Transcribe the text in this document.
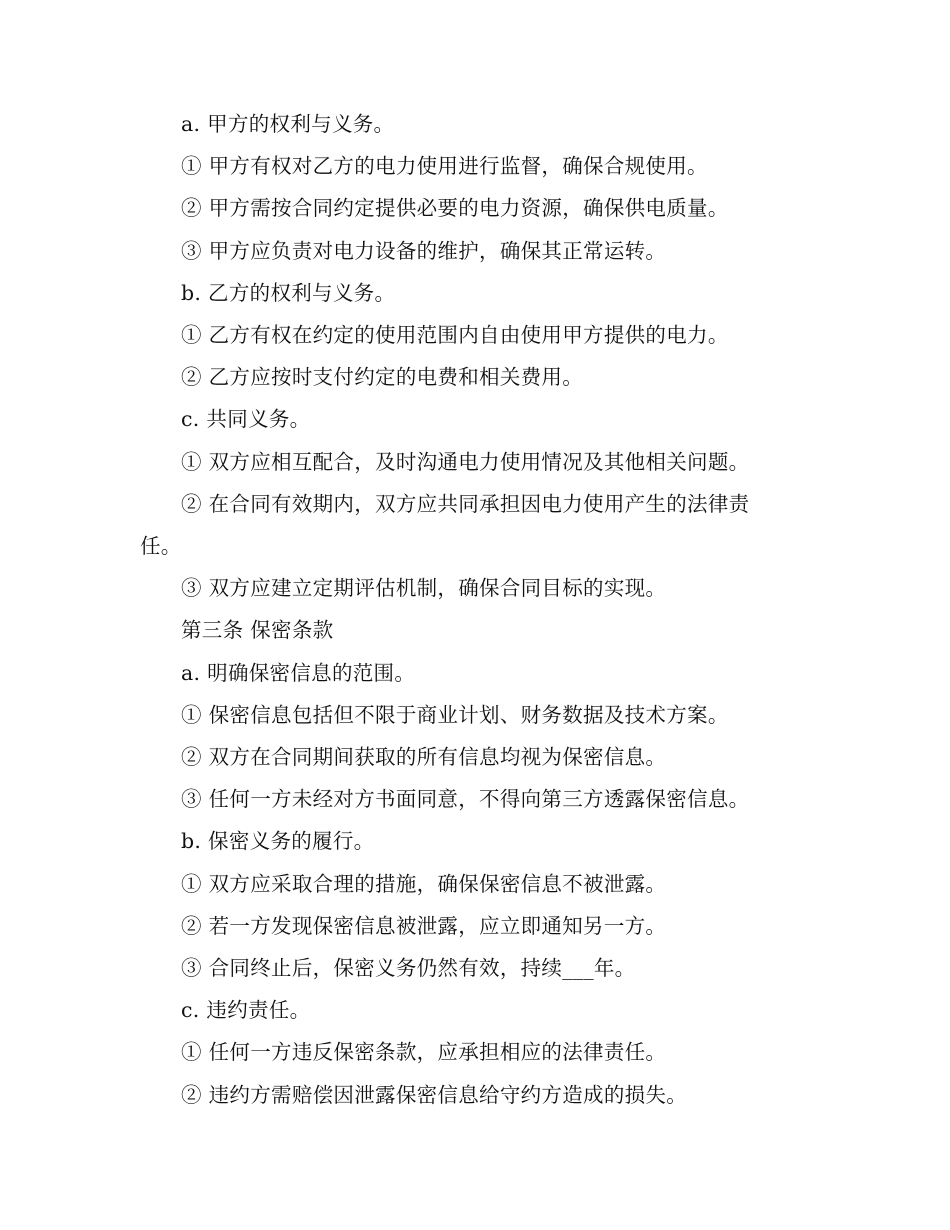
a. 甲方的权利与义务。

① 甲方有权对乙方的电力使用进行监督，确保合规使用。

② 甲方需按合同约定提供必要的电力资源，确保供电质量。

③ 甲方应负责对电力设备的维护，确保其正常运转。

b. 乙方的权利与义务。

① 乙方有权在约定的使用范围内自由使用甲方提供的电力。

② 乙方应按时支付约定的电费和相关费用。

c. 共同义务。

① 双方应相互配合，及时沟通电力使用情况及其他相关问题。

② 在合同有效期内，双方应共同承担因电力使用产生的法律责任。

③ 双方应建立定期评估机制，确保合同目标的实现。

第三条 保密条款

a. 明确保密信息的范围。

① 保密信息包括但不限于商业计划、财务数据及技术方案。

② 双方在合同期间获取的所有信息均视为保密信息。

③ 任何一方未经对方书面同意，不得向第三方透露保密信息。

b. 保密义务的履行。

① 双方应采取合理的措施，确保保密信息不被泄露。

② 若一方发现保密信息被泄露，应立即通知另一方。

③ 合同终止后，保密义务仍然有效，持续___年。

c. 违约责任。

① 任何一方违反保密条款，应承担相应的法律责任。

② 违约方需赔偿因泄露保密信息给守约方造成的损失。
